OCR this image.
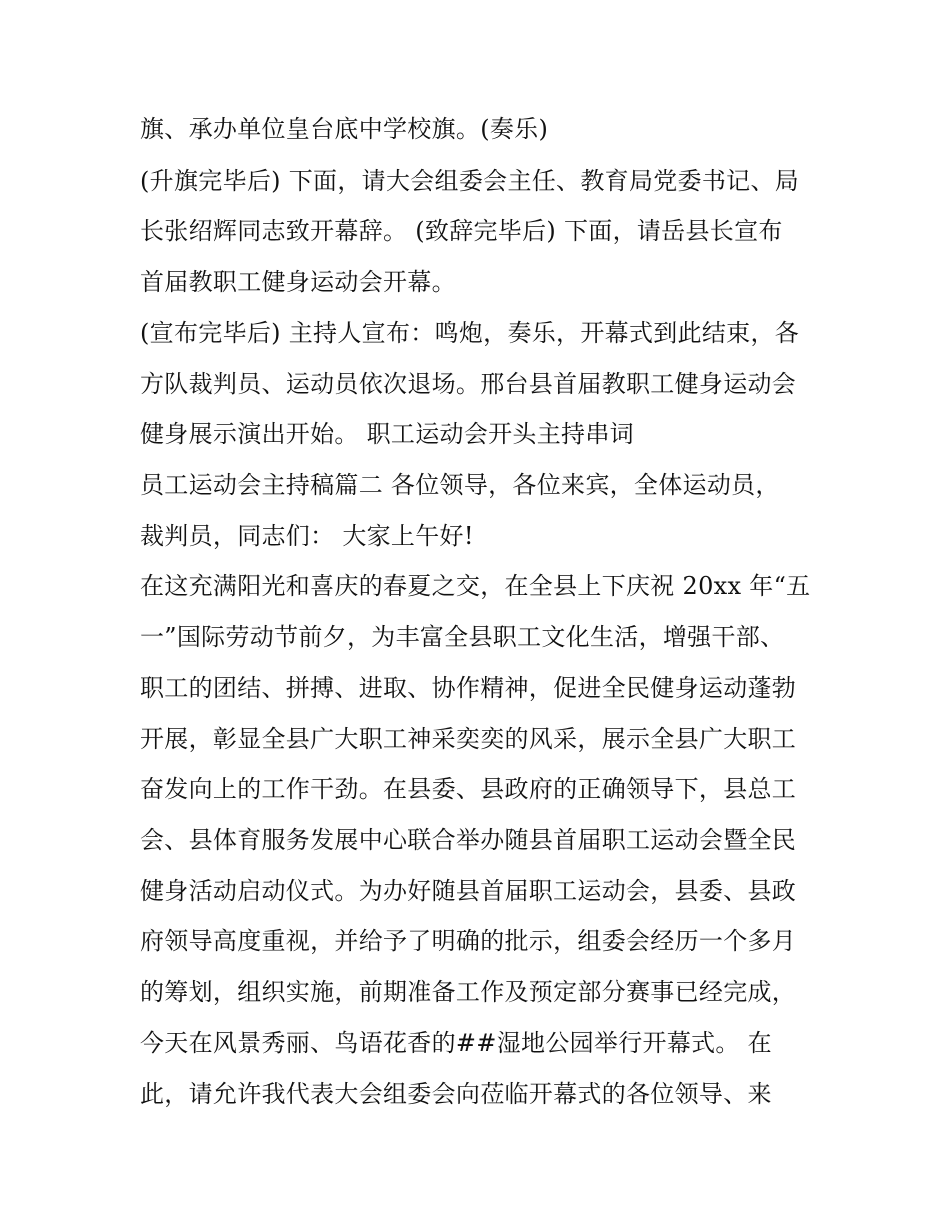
旗、承办单位皇台底中学校旗。(奏乐)
(升旗完毕后) 下面，请大会组委会主任、教育局党委书记、局
长张绍辉同志致开幕辞。 (致辞完毕后) 下面，请岳县长宣布
首届教职工健身运动会开幕。
(宣布完毕后) 主持人宣布：鸣炮，奏乐，开幕式到此结束，各
方队裁判员、运动员依次退场。邢台县首届教职工健身运动会
健身展示演出开始。 职工运动会开头主持串词
员工运动会主持稿篇二 各位领导，各位来宾，全体运动员，
裁判员，同志们： 大家上午好!
在这充满阳光和喜庆的春夏之交，在全县上下庆祝 20xx 年“五
一”国际劳动节前夕，为丰富全县职工文化生活，增强干部、
职工的团结、拼搏、进取、协作精神，促进全民健身运动蓬勃
开展，彰显全县广大职工神采奕奕的风采，展示全县广大职工
奋发向上的工作干劲。在县委、县政府的正确领导下，县总工
会、县体育服务发展中心联合举办随县首届职工运动会暨全民
健身活动启动仪式。为办好随县首届职工运动会，县委、县政
府领导高度重视，并给予了明确的批示，组委会经历一个多月
的筹划，组织实施，前期准备工作及预定部分赛事已经完成，
今天在风景秀丽、鸟语花香的##湿地公园举行开幕式。 在
此，请允许我代表大会组委会向莅临开幕式的各位领导、来
